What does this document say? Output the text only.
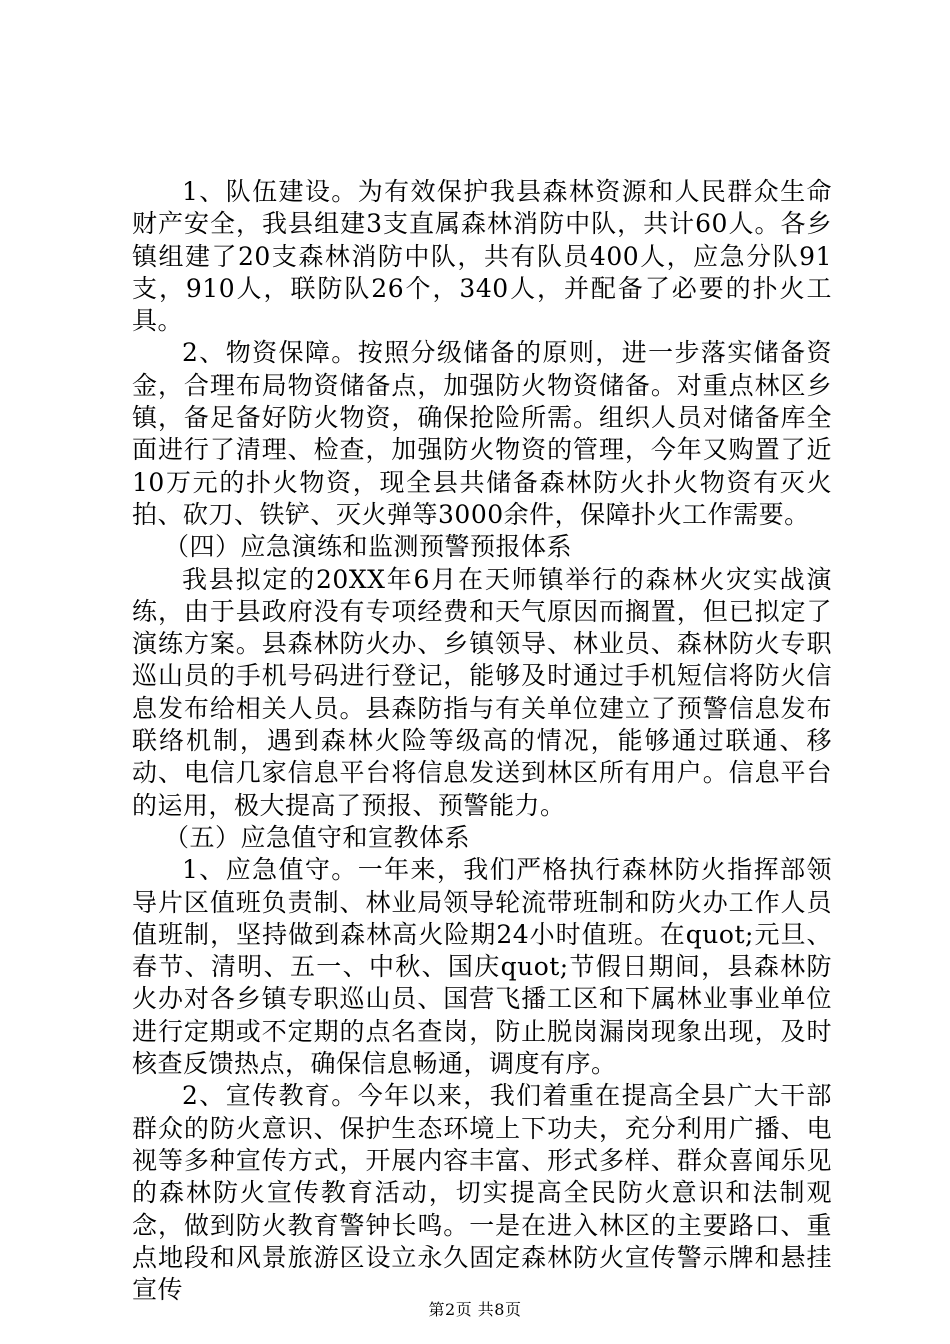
1、队伍建设。为有效保护我县森林资源和人民群众生命财产安全，我县组建3支直属森林消防中队，共计60人。各乡镇组建了20支森林消防中队，共有队员400人，应急分队91支，910人，联防队26个，340人，并配备了必要的扑火工具。

2、物资保障。按照分级储备的原则，进一步落实储备资金，合理布局物资储备点，加强防火物资储备。对重点林区乡镇，备足备好防火物资，确保抢险所需。组织人员对储备库全面进行了清理、检查，加强防火物资的管理，今年又购置了近10万元的扑火物资，现全县共储备森林防火扑火物资有灭火拍、砍刀、铁铲、灭火弹等3000余件，保障扑火工作需要。

（四）应急演练和监测预警预报体系

我县拟定的20XX年6月在天师镇举行的森林火灾实战演练，由于县政府没有专项经费和天气原因而搁置，但已拟定了演练方案。县森林防火办、乡镇领导、林业员、森林防火专职巡山员的手机号码进行登记，能够及时通过手机短信将防火信息发布给相关人员。县森防指与有关单位建立了预警信息发布联络机制，遇到森林火险等级高的情况，能够通过联通、移动、电信几家信息平台将信息发送到林区所有用户。信息平台的运用，极大提高了预报、预警能力。

（五）应急值守和宣教体系

1、应急值守。一年来，我们严格执行森林防火指挥部领导片区值班负责制、林业局领导轮流带班制和防火办工作人员值班制，坚持做到森林高火险期24小时值班。在quot;元旦、春节、清明、五一、中秋、国庆quot;节假日期间，县森林防火办对各乡镇专职巡山员、国营飞播工区和下属林业事业单位进行定期或不定期的点名查岗，防止脱岗漏岗现象出现，及时核查反馈热点，确保信息畅通，调度有序。

2、宣传教育。今年以来，我们着重在提高全县广大干部群众的防火意识、保护生态环境上下功夫，充分利用广播、电视等多种宣传方式，开展内容丰富、形式多样、群众喜闻乐见的森林防火宣传教育活动，切实提高全民防火意识和法制观念，做到防火教育警钟长鸣。一是在进入林区的主要路口、重点地段和风景旅游区设立永久固定森林防火宣传警示牌和悬挂宣传

第2页 共8页
